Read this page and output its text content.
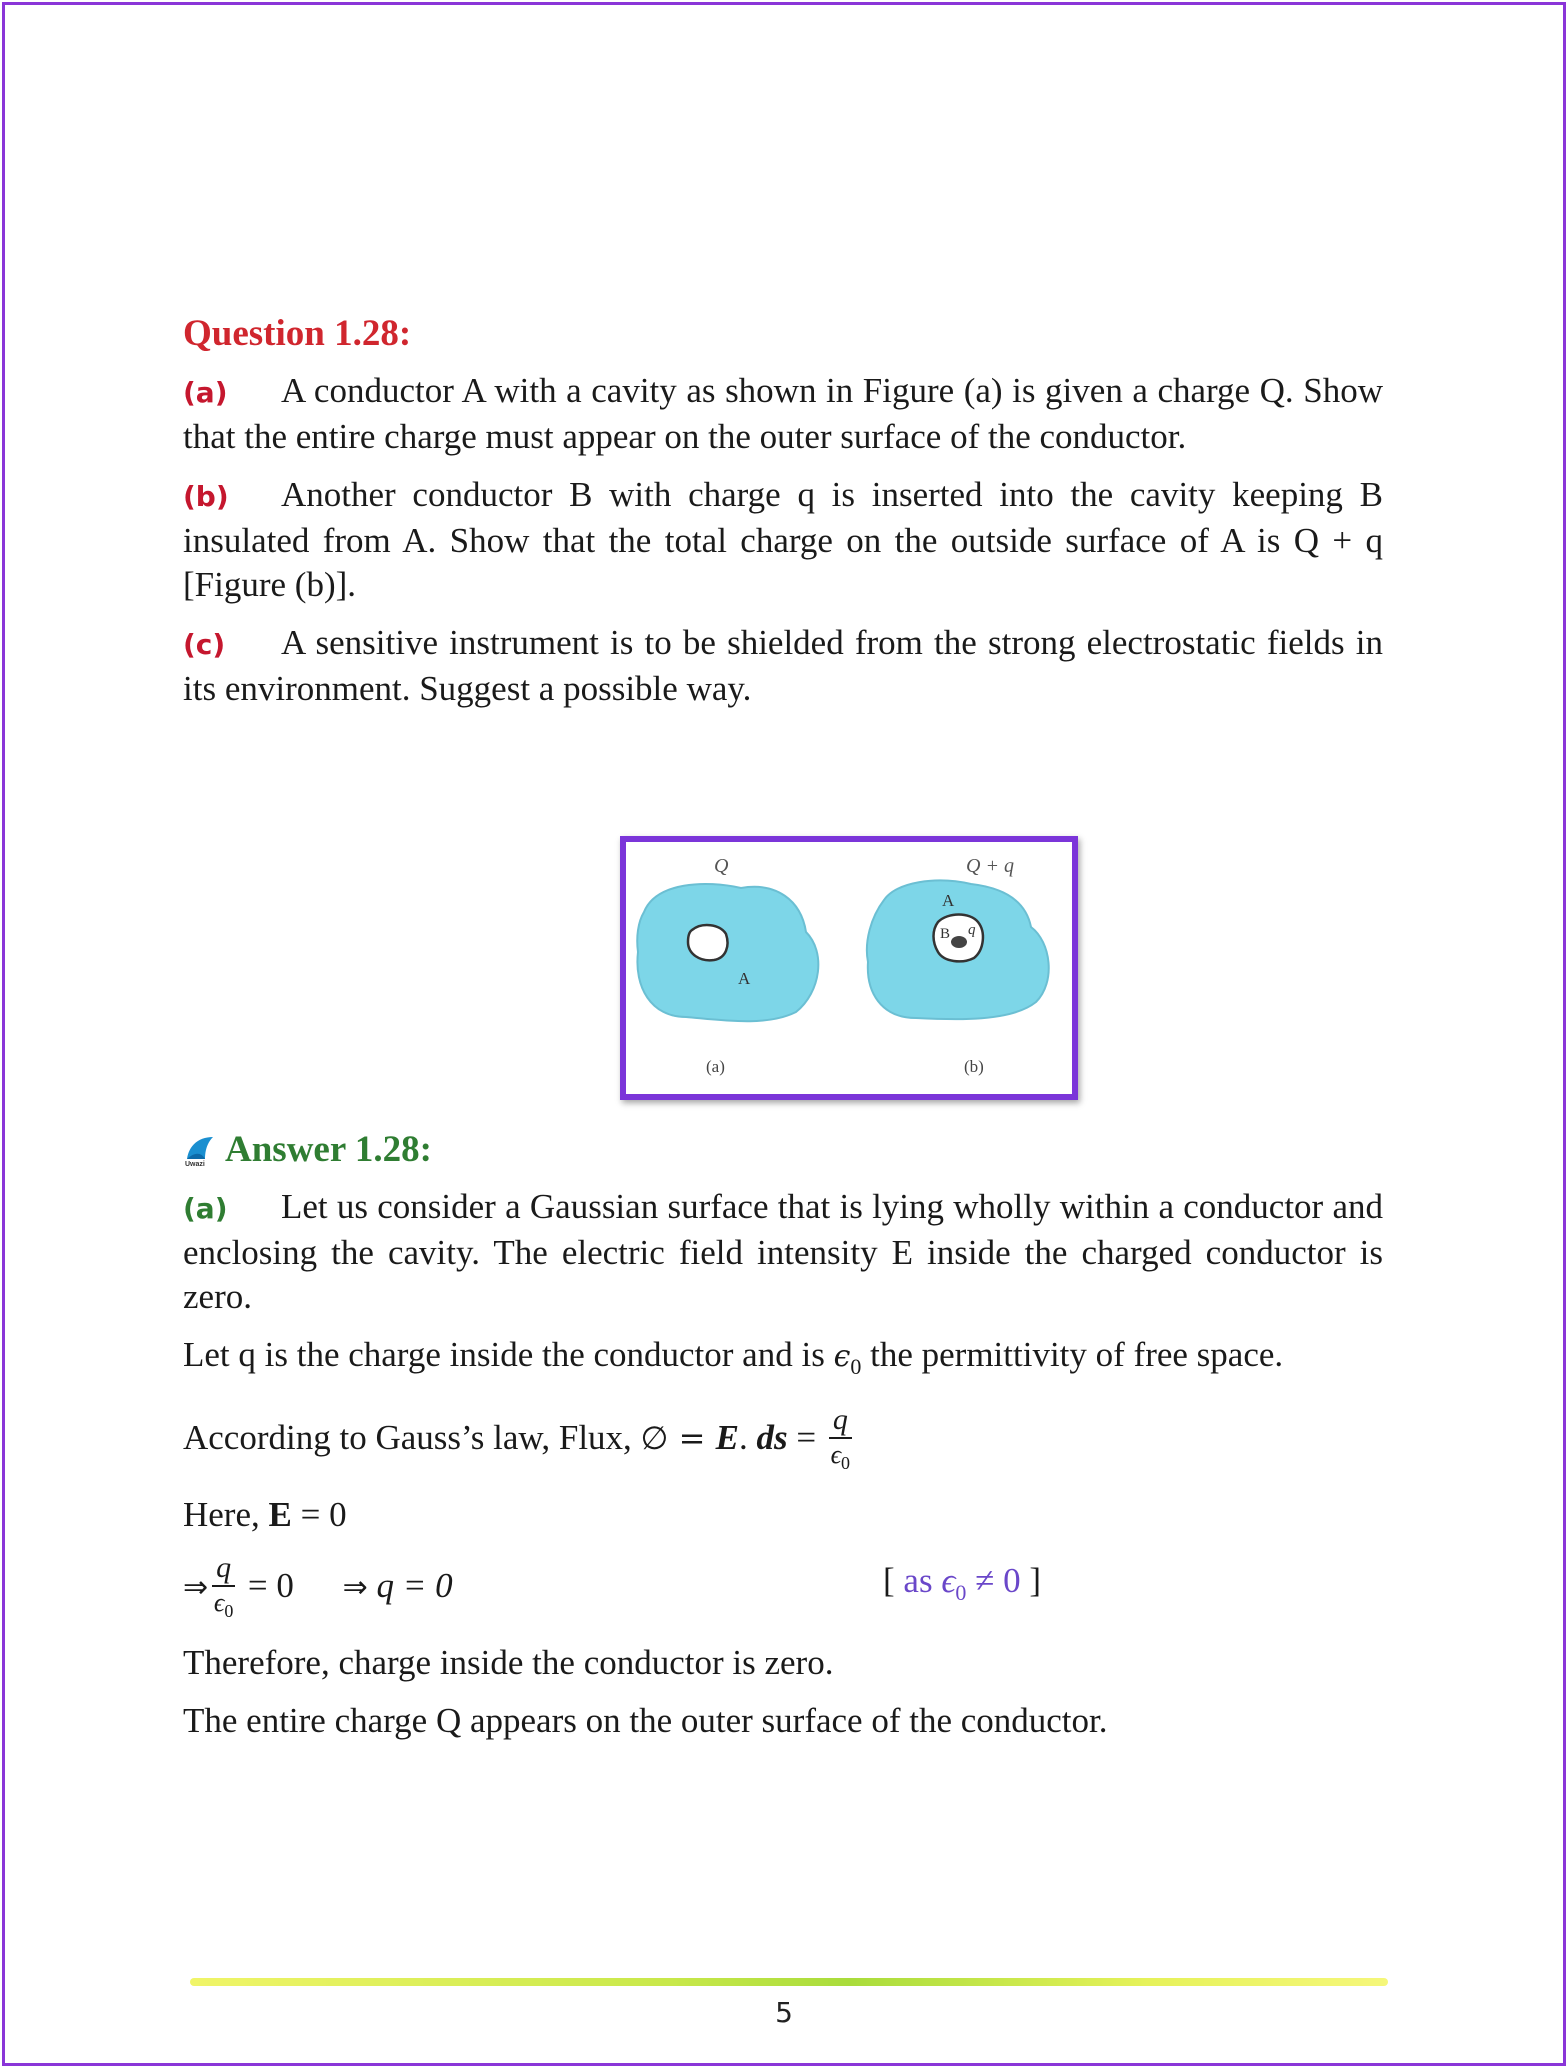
Question 1.28:

(a) A conductor A with a cavity as shown in Figure (a) is given a charge Q. Show that the entire charge must appear on the outer surface of the conductor.

(b) Another conductor B with charge q is inserted into the cavity keeping B insulated from A. Show that the total charge on the outside surface of A is Q + q [Figure (b)].

(c) A sensitive instrument is to be shielded from the strong electrostatic fields in its environment. Suggest a possible way.

Q
A
(a)
Q + q
A
B q
(b)
Uwazi Answer 1.28:

(a) Let us consider a Gaussian surface that is lying wholly within a conductor and enclosing the cavity. The electric field intensity E inside the charged conductor is zero.

Let q is the charge inside the conductor and is $\epsilon_0$ the permittivity of free space.
According to Gauss’s law, Flux, ∅ = E. ds = $\frac{q}{\epsilon_0}$
Here, E = 0
⇒ $\frac{q}{\epsilon_0} = 0$ ⇒ q = 0	[ as $\epsilon_0 \ne 0$ ]
Therefore, charge inside the conductor is zero.
The entire charge Q appears on the outer surface of the conductor.
5
